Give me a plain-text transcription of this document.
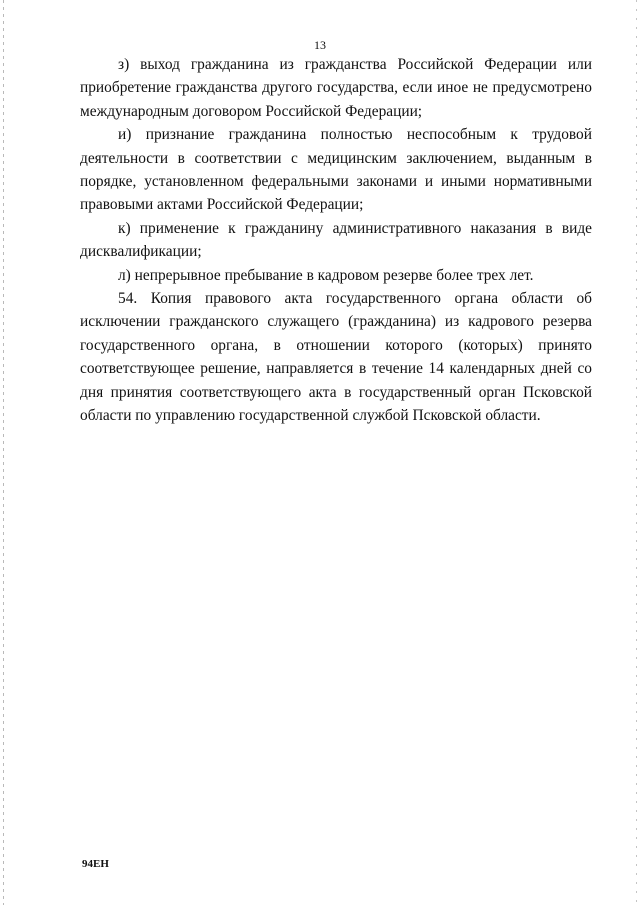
13

з) выход гражданина из гражданства Российской Федерации или приобретение гражданства другого государства, если иное не предусмотрено международным договором Российской Федерации;

и) признание гражданина полностью неспособным к трудовой деятельности в соответствии с медицинским заключением, выданным в порядке, установленном федеральными законами и иными нормативными правовыми актами Российской Федерации;

к) применение к гражданину административного наказания в виде дисквалификации;

л) непрерывное пребывание в кадровом резерве более трех лет.

54. Копия правового акта государственного органа области об исключении гражданского служащего (гражданина) из кадрового резерва государственного органа, в отношении которого (которых) принято соответствующее решение, направляется в течение 14 календарных дней со дня принятия соответствующего акта в государственный орган Псковской области по управлению государственной службой Псковской области.

94ЕН
